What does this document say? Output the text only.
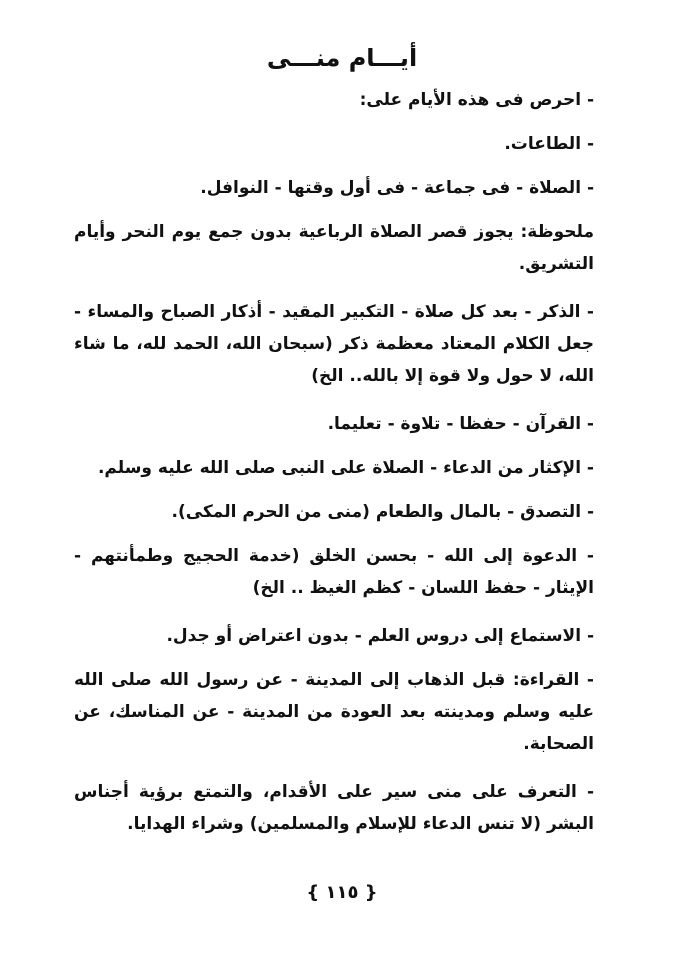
أيـــام منـــى

- احرص فى هذه الأيام على:

- الطاعات.

- الصلاة - فى جماعة - فى أول وقتها - النوافل.

ملحوظة: يجوز قصر الصلاة الرباعية بدون جمع يوم النحر وأيام التشريق.

- الذكر - بعد كل صلاة - التكبير المقيد - أذكار الصباح والمساء - جعل الكلام المعتاد معظمة ذكر (سبحان الله، الحمد لله، ما شاء الله، لا حول ولا قوة إلا بالله.. الخ)

- القرآن - حفظا - تلاوة - تعليما.

- الإكثار من الدعاء - الصلاة على النبى صلى الله عليه وسلم.

- التصدق - بالمال والطعام (منى من الحرم المكى).

- الدعوة إلى الله - بحسن الخلق (خدمة الحجيج وطمأنتهم - الإيثار - حفظ اللسان - كظم الغيظ .. الخ)

- الاستماع إلى دروس العلم - بدون اعتراض أو جدل.

- القراءة: قبل الذهاب إلى المدينة - عن رسول الله صلى الله عليه وسلم ومدينته بعد العودة من المدينة - عن المناسك، عن الصحابة.

- التعرف على منى سير على الأقدام، والتمتع برؤية أجناس البشر (لا تنس الدعاء للإسلام والمسلمين) وشراء الهدايا.

{ ١١٥ }
